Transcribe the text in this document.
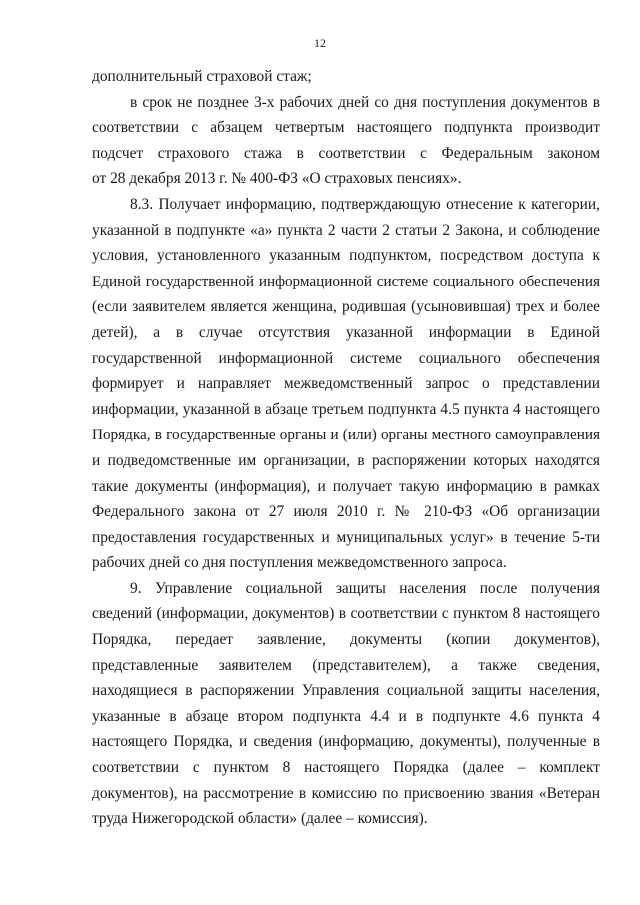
12
дополнительный страховой стаж;
в срок не позднее 3-х рабочих дней со дня поступления документов в
соответствии с абзацем четвертым настоящего подпункта производит
подсчет страхового стажа в соответствии с Федеральным законом
от 28 декабря 2013 г. № 400-ФЗ «О страховых пенсиях».
8.3. Получает информацию, подтверждающую отнесение к категории,
указанной в подпункте «а» пункта 2 части 2 статьи 2 Закона, и соблюдение
условия, установленного указанным подпунктом, посредством доступа к
Единой государственной информационной системе социального обеспечения
(если заявителем является женщина, родившая (усыновившая) трех и более
детей), а в случае отсутствия указанной информации в Единой
государственной информационной системе социального обеспечения
формирует и направляет межведомственный запрос о представлении
информации, указанной в абзаце третьем подпункта 4.5 пункта 4 настоящего
Порядка, в государственные органы и (или) органы местного самоуправления
и подведомственные им организации, в распоряжении которых находятся
такие документы (информация), и получает такую информацию в рамках
Федерального закона от 27 июля 2010 г. № 210-ФЗ «Об организации
предоставления государственных и муниципальных услуг» в течение 5-ти
рабочих дней со дня поступления межведомственного запроса.
9. Управление социальной защиты населения после получения
сведений (информации, документов) в соответствии с пунктом 8 настоящего
Порядка, передает заявление, документы (копии документов),
представленные заявителем (представителем), а также сведения,
находящиеся в распоряжении Управления социальной защиты населения,
указанные в абзаце втором подпункта 4.4 и в подпункте 4.6 пункта 4
настоящего Порядка, и сведения (информацию, документы), полученные в
соответствии с пунктом 8 настоящего Порядка (далее – комплект
документов), на рассмотрение в комиссию по присвоению звания «Ветеран
труда Нижегородской области» (далее – комиссия).
